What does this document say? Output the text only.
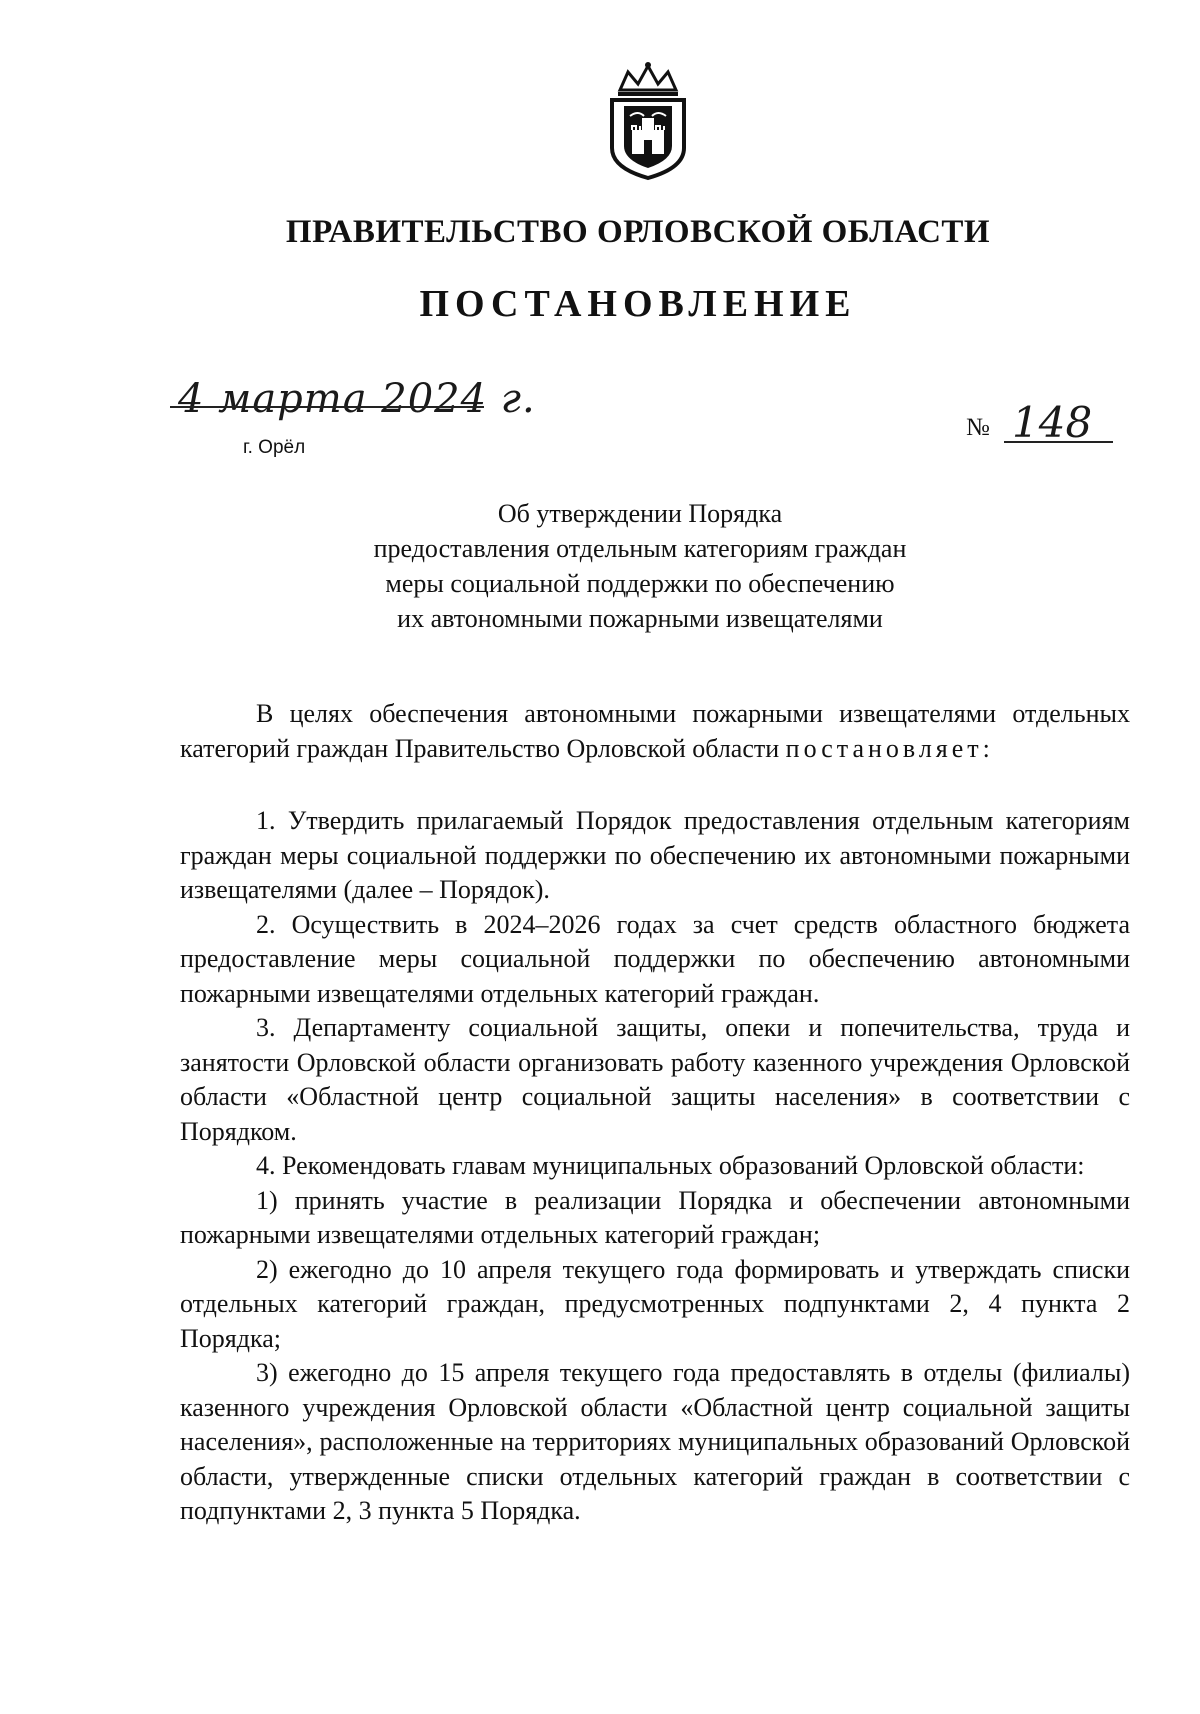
ПРАВИТЕЛЬСТВО ОРЛОВСКОЙ ОБЛАСТИ
ПОСТАНОВЛЕНИЕ
4 марта 2024 г.
г. Орёл
№ 148
Об утверждении Порядка
предоставления отдельным категориям граждан
меры социальной поддержки по обеспечению
их автономными пожарными извещателями

В целях обеспечения автономными пожарными извещателями отдельных категорий граждан Правительство Орловской области постановляет:

1. Утвердить прилагаемый Порядок предоставления отдельным категориям граждан меры социальной поддержки по обеспечению их автономными пожарными извещателями (далее – Порядок).

2. Осуществить в 2024–2026 годах за счет средств областного бюджета предоставление меры социальной поддержки по обеспечению автономными пожарными извещателями отдельных категорий граждан.

3. Департаменту социальной защиты, опеки и попечительства, труда и занятости Орловской области организовать работу казенного учреждения Орловской области «Областной центр социальной защиты населения» в соответствии с Порядком.

4. Рекомендовать главам муниципальных образований Орловской области:

1) принять участие в реализации Порядка и обеспечении автономными пожарными извещателями отдельных категорий граждан;

2) ежегодно до 10 апреля текущего года формировать и утверждать списки отдельных категорий граждан, предусмотренных подпунктами 2, 4 пункта 2 Порядка;

3) ежегодно до 15 апреля текущего года предоставлять в отделы (филиалы) казенного учреждения Орловской области «Областной центр социальной защиты населения», расположенные на территориях муниципальных образований Орловской области, утвержденные списки отдельных категорий граждан в соответствии с подпунктами 2, 3 пункта 5 Порядка.
